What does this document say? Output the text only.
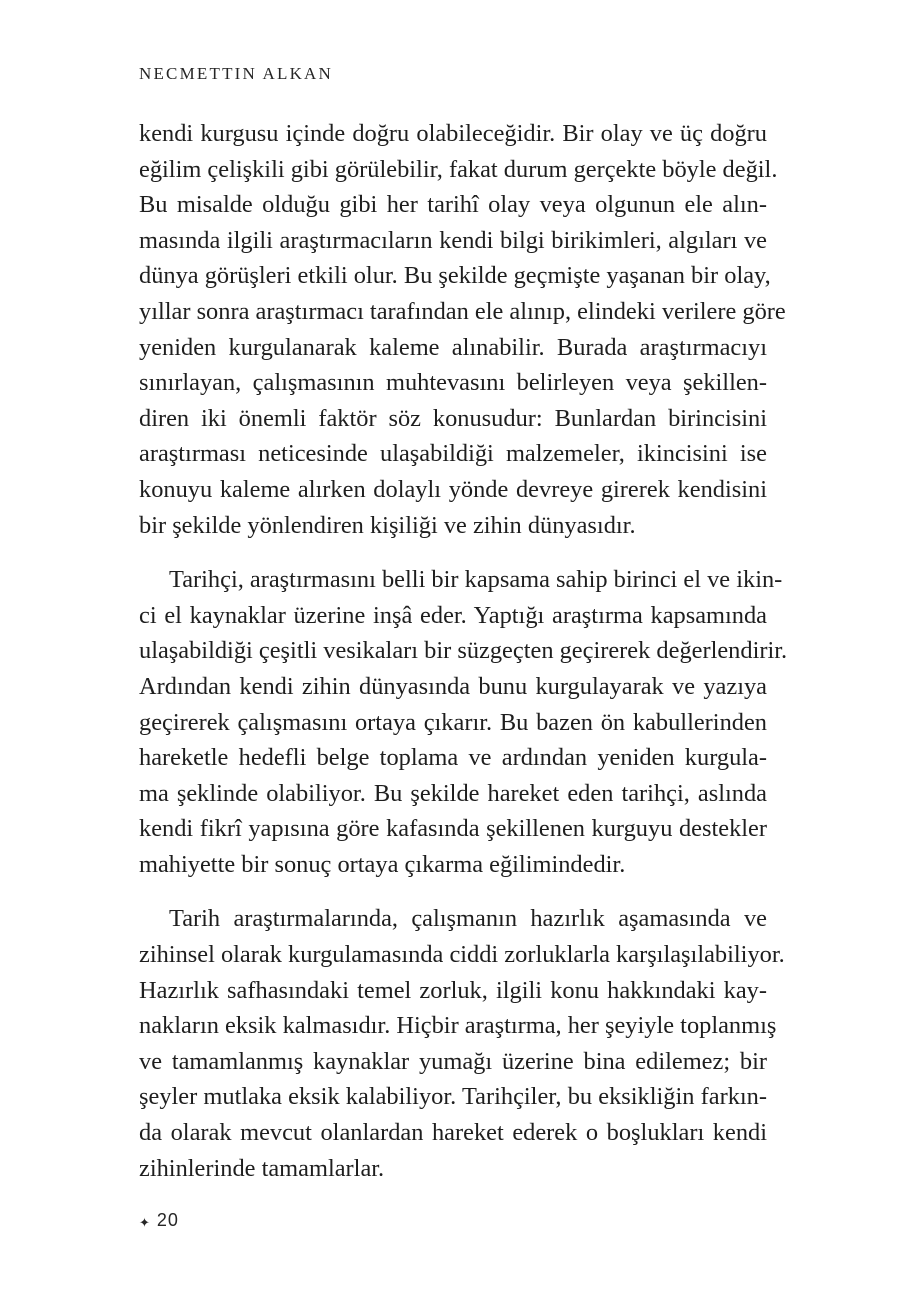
NECMETTIN ALKAN
kendi kurgusu içinde doğru olabileceğidir. Bir olay ve üç doğru
eğilim çelişkili gibi görülebilir, fakat durum gerçekte böyle değil.
Bu misalde olduğu gibi her tarihî olay veya olgunun ele alın-
masında ilgili araştırmacıların kendi bilgi birikimleri, algıları ve
dünya görüşleri etkili olur. Bu şekilde geçmişte yaşanan bir olay,
yıllar sonra araştırmacı tarafından ele alınıp, elindeki verilere göre
yeniden kurgulanarak kaleme alınabilir. Burada araştırmacıyı
sınırlayan, çalışmasının muhtevasını belirleyen veya şekillen-
diren iki önemli faktör söz konusudur: Bunlardan birincisini
araştırması neticesinde ulaşabildiği malzemeler, ikincisini ise
konuyu kaleme alırken dolaylı yönde devreye girerek kendisini
bir şekilde yönlendiren kişiliği ve zihin dünyasıdır.
Tarihçi, araştırmasını belli bir kapsama sahip birinci el ve ikin-
ci el kaynaklar üzerine inşâ eder. Yaptığı araştırma kapsamında
ulaşabildiği çeşitli vesikaları bir süzgeçten geçirerek değerlendirir.
Ardından kendi zihin dünyasında bunu kurgulayarak ve yazıya
geçirerek çalışmasını ortaya çıkarır. Bu bazen ön kabullerinden
hareketle hedefli belge toplama ve ardından yeniden kurgula-
ma şeklinde olabiliyor. Bu şekilde hareket eden tarihçi, aslında
kendi fikrî yapısına göre kafasında şekillenen kurguyu destekler
mahiyette bir sonuç ortaya çıkarma eğilimindedir.
Tarih araştırmalarında, çalışmanın hazırlık aşamasında ve
zihinsel olarak kurgulamasında ciddi zorluklarla karşılaşılabiliyor.
Hazırlık safhasındaki temel zorluk, ilgili konu hakkındaki kay-
nakların eksik kalmasıdır. Hiçbir araştırma, her şeyiyle toplanmış
ve tamamlanmış kaynaklar yumağı üzerine bina edilemez; bir
şeyler mutlaka eksik kalabiliyor. Tarihçiler, bu eksikliğin farkın-
da olarak mevcut olanlardan hareket ederek o boşlukları kendi
zihinlerinde tamamlarlar.
✦ 20
